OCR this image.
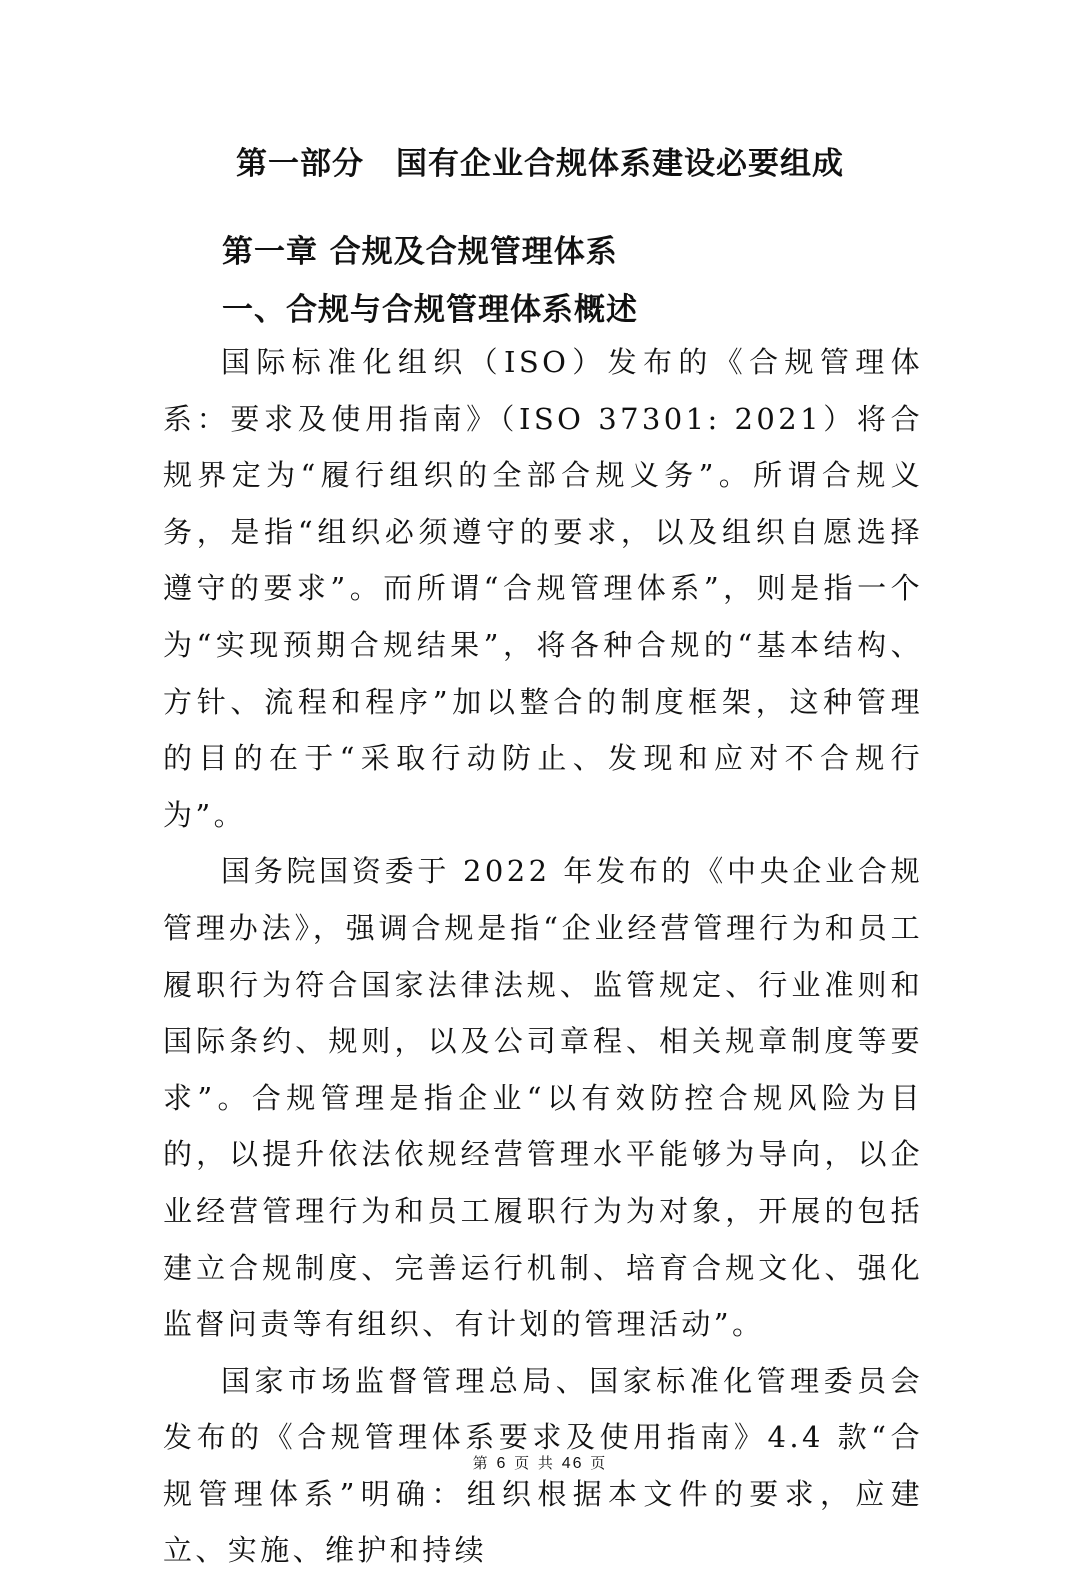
第一部分　国有企业合规体系建设必要组成
第一章 合规及合规管理体系
一、合规与合规管理体系概述

国际标准化组织（ISO）发布的《合规管理体系：要求及使用指南》（ISO 37301: 2021）将合规界定为“履行组织的全部合规义务”。所谓合规义务，是指“组织必须遵守的要求，以及组织自愿选择遵守的要求”。而所谓“合规管理体系”，则是指一个为“实现预期合规结果”，将各种合规的“基本结构、方针、流程和程序”加以整合的制度框架，这种管理的目的在于“采取行动防止、发现和应对不合规行为”。

国务院国资委于 2022 年发布的《中央企业合规管理办法》，强调合规是指“企业经营管理行为和员工履职行为符合国家法律法规、监管规定、行业准则和国际条约、规则，以及公司章程、相关规章制度等要求”。合规管理是指企业“以有效防控合规风险为目的，以提升依法依规经营管理水平能够为导向，以企业经营管理行为和员工履职行为为对象，开展的包括建立合规制度、完善运行机制、培育合规文化、强化监督问责等有组织、有计划的管理活动”。

国家市场监督管理总局、国家标准化管理委员会发布的《合规管理体系要求及使用指南》4.4 款“合规管理体系”明确：组织根据本文件的要求，应建立、实施、维护和持续

第 6 页 共 46 页
